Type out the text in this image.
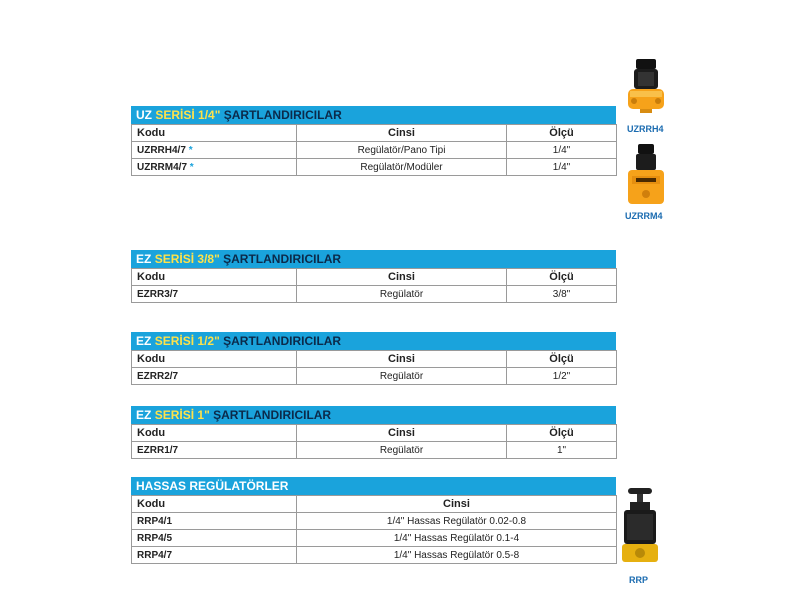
UZ SERİSİ 1/4" ŞARTLANDIRICILAR
Kodu	Cinsi	Ölçü
UZRRH4/7 *	Regülatör/Pano Tipi	1/4"
UZRRM4/7 *	Regülatör/Modüler	1/4"
EZ SERİSİ 3/8" ŞARTLANDIRICILAR
Kodu	Cinsi	Ölçü
EZRR3/7	Regülatör	3/8"
EZ SERİSİ 1/2" ŞARTLANDIRICILAR
Kodu	Cinsi	Ölçü
EZRR2/7	Regülatör	1/2"
EZ SERİSİ 1" ŞARTLANDIRICILAR
Kodu	Cinsi	Ölçü
EZRR1/7	Regülatör	1"
HASSAS REGÜLATÖRLER
Kodu	Cinsi
RRP4/1	1/4" Hassas Regülatör 0.02-0.8
RRP4/5	1/4" Hassas Regülatör 0.1-4
RRP4/7	1/4" Hassas Regülatör 0.5-8
UZRRH4
UZRRM4
RRP
